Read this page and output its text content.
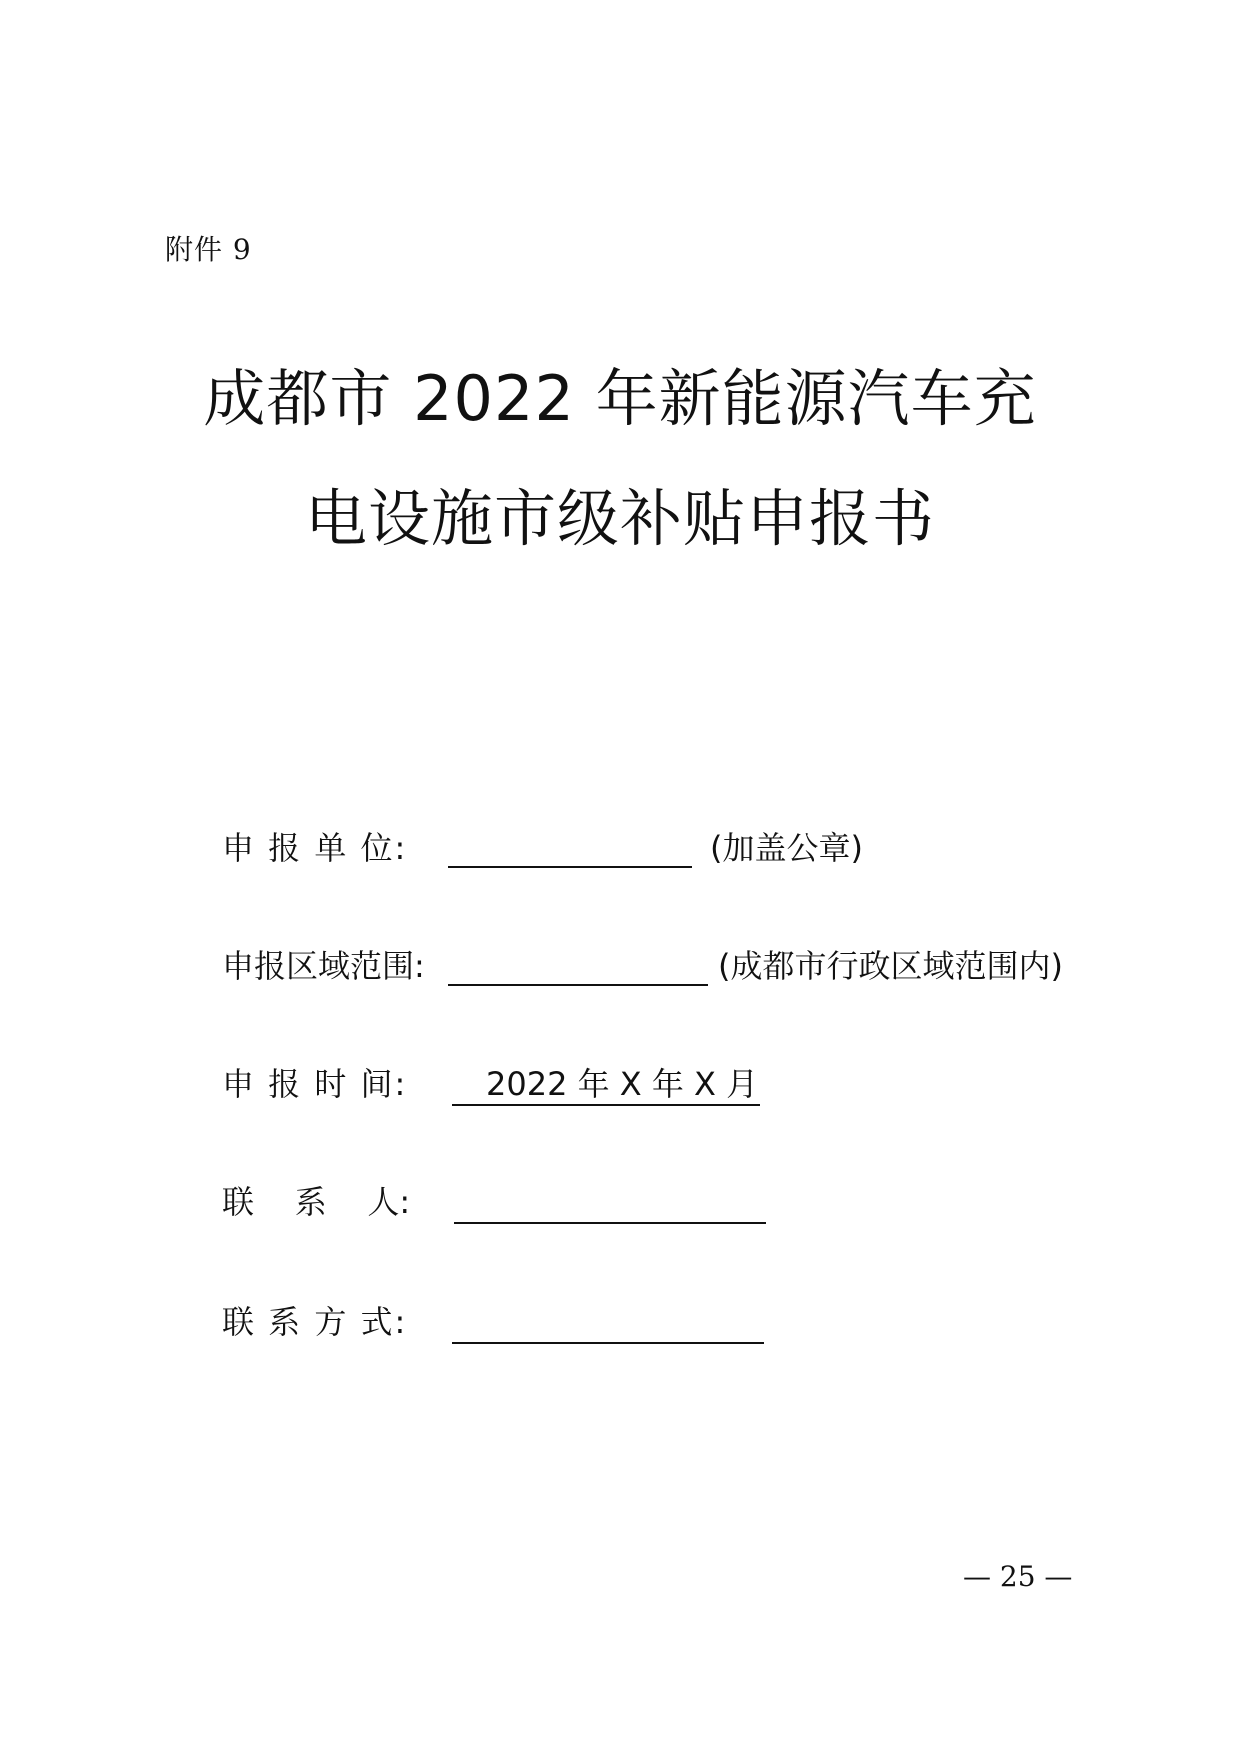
附件 9
成都市 2022 年新能源汽车充
电设施市级补贴申报书
申 报 单 位:	(加盖公章)
申报区域范围:	(成都市行政区域范围内)
申 报 时 间: 2022 年 X 年 X 月
联    系    人:
联 系 方 式:
— 25 —
